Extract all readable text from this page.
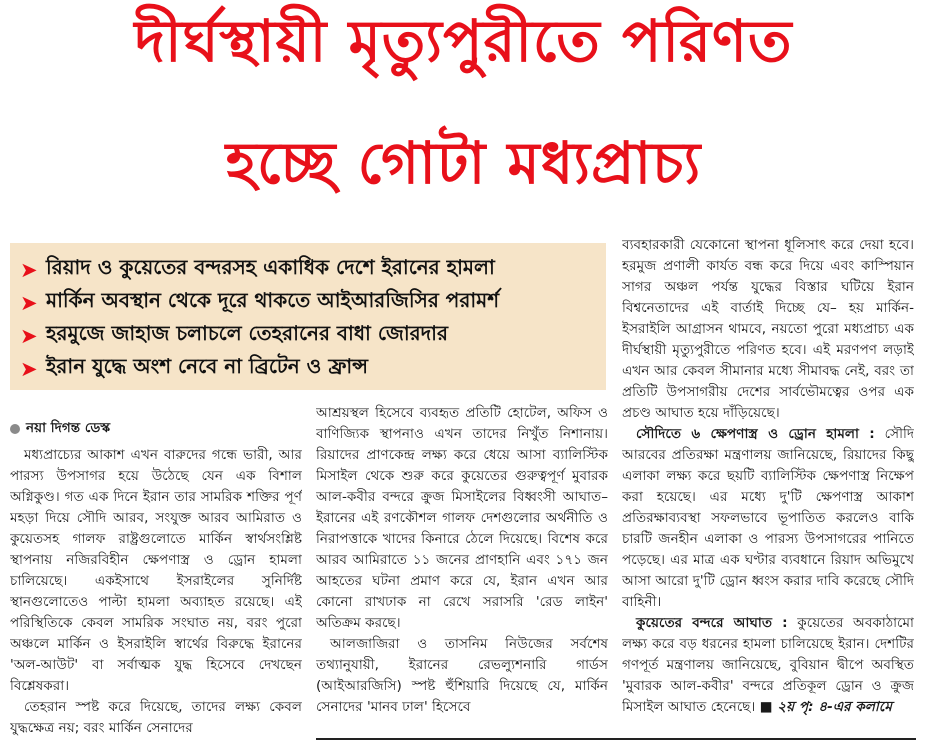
দীর্ঘস্থায়ী মৃত্যুপুরীতে পরিণত
হচ্ছে গোটা মধ্যপ্রাচ্য
➤ রিয়াদ ও কুয়েতের বন্দরসহ একাধিক দেশে ইরানের হামলা
➤ মার্কিন অবস্থান থেকে দূরে থাকতে আইআরজিসির পরামর্শ
➤ হরমুজে জাহাজ চলাচলে তেহরানের বাধা জোরদার
➤ ইরান যুদ্ধে অংশ নেবে না ব্রিটেন ও ফ্রান্স
নয়া দিগন্ত ডেস্ক

মধ্যপ্রাচ্যের আকাশ এখন বারুদের গন্ধে ভারী, আর পারস্য উপসাগর হয়ে উঠেছে যেন এক বিশাল অগ্নিকুণ্ড। গত এক দিনে ইরান তার সামরিক শক্তির পূর্ণ মহড়া দিয়ে সৌদি আরব, সংযুক্ত আরব আমিরাত ও কুয়েতসহ গালফ রাষ্ট্রগুলোতে মার্কিন স্বার্থসংশ্লিষ্ট স্থাপনায় নজিরবিহীন ক্ষেপণাস্ত্র ও ড্রোন হামলা চালিয়েছে। একইসাথে ইসরাইলের সুনির্দিষ্ট স্থানগুলোতেও পাল্টা হামলা অব্যাহত রয়েছে। এই পরিস্থিতিকে কেবল সামরিক সংঘাত নয়, বরং পুরো অঞ্চলে মার্কিন ও ইসরাইলি স্বার্থের বিরুদ্ধে ইরানের 'অল-আউট' বা সর্বাত্মক যুদ্ধ হিসেবে দেখছেন বিশ্লেষকরা।

তেহরান স্পষ্ট করে দিয়েছে, তাদের লক্ষ্য কেবল যুদ্ধক্ষেত্র নয়; বরং মার্কিন সেনাদের

আশ্রয়স্থল হিসেবে ব্যবহৃত প্রতিটি হোটেল, অফিস ও বাণিজ্যিক স্থাপনাও এখন তাদের নিখুঁত নিশানায়। রিয়াদের প্রাণকেন্দ্র লক্ষ্য করে ধেয়ে আসা ব্যালিস্টিক মিসাইল থেকে শুরু করে কুয়েতের গুরুত্বপূর্ণ মুবারক আল-কবীর বন্দরে ক্রুজ মিসাইলের বিধ্বংসী আঘাত– ইরানের এই রণকৌশল গালফ দেশগুলোর অর্থনীতি ও নিরাপত্তাকে খাদের কিনারে ঠেলে দিয়েছে। বিশেষ করে আরব আমিরাতে ১১ জনের প্রাণহানি এবং ১৭১ জন আহতের ঘটনা প্রমাণ করে যে, ইরান এখন আর কোনো রাখঢাক না রেখে সরাসরি 'রেড লাইন' অতিক্রম করছে।

আলজাজিরা ও তাসনিম নিউজের সর্বশেষ তথ্যানুযায়ী, ইরানের রেভল্যুশনারি গার্ডস (আইআরজিসি) স্পষ্ট হুঁশিয়ারি দিয়েছে যে, মার্কিন সেনাদের 'মানব ঢাল' হিসেবে

ব্যবহারকারী যেকোনো স্থাপনা ধূলিসাৎ করে দেয়া হবে। হরমুজ প্রণালী কার্যত বন্ধ করে দিয়ে এবং কাস্পিয়ান সাগর অঞ্চল পর্যন্ত যুদ্ধের বিস্তার ঘটিয়ে ইরান বিশ্বনেতাদের এই বার্তাই দিচ্ছে যে– হয় মার্কিন-ইসরাইলি আগ্রাসন থামবে, নয়তো পুরো মধ্যপ্রাচ্য এক দীর্ঘস্থায়ী মৃত্যুপুরীতে পরিণত হবে। এই মরণপণ লড়াই এখন আর কেবল সীমানার মধ্যে সীমাবদ্ধ নেই, বরং তা প্রতিটি উপসাগরীয় দেশের সার্বভৌমত্বের ওপর এক প্রচণ্ড আঘাত হয়ে দাঁড়িয়েছে।

সৌদিতে ৬ ক্ষেপণাস্ত্র ও ড্রোন হামলা : সৌদি আরবের প্রতিরক্ষা মন্ত্রণালয় জানিয়েছে, রিয়াদের কিছু এলাকা লক্ষ্য করে ছয়টি ব্যালিস্টিক ক্ষেপণাস্ত্র নিক্ষেপ করা হয়েছে। এর মধ্যে দু'টি ক্ষেপণাস্ত্র আকাশ প্রতিরক্ষাব্যবস্থা সফলভাবে ভূপাতিত করলেও বাকি চারটি জনহীন এলাকা ও পারস্য উপসাগরের পানিতে পড়েছে। এর মাত্র এক ঘণ্টার ব্যবধানে রিয়াদ অভিমুখে আসা আরো দু'টি ড্রোন ধ্বংস করার দাবি করেছে সৌদি বাহিনী।

কুয়েতের বন্দরে আঘাত : কুয়েতের অবকাঠামো লক্ষ্য করে বড় ধরনের হামলা চালিয়েছে ইরান। দেশটির গণপূর্ত মন্ত্রণালয় জানিয়েছে, বুবিয়ান দ্বীপে অবস্থিত 'মুবারক আল-কবীর' বন্দরে প্রতিকূল ড্রোন ও ক্রুজ মিসাইল আঘাত হেনেছে। ■ ২য় পৃ: ৪-এর কলামে
